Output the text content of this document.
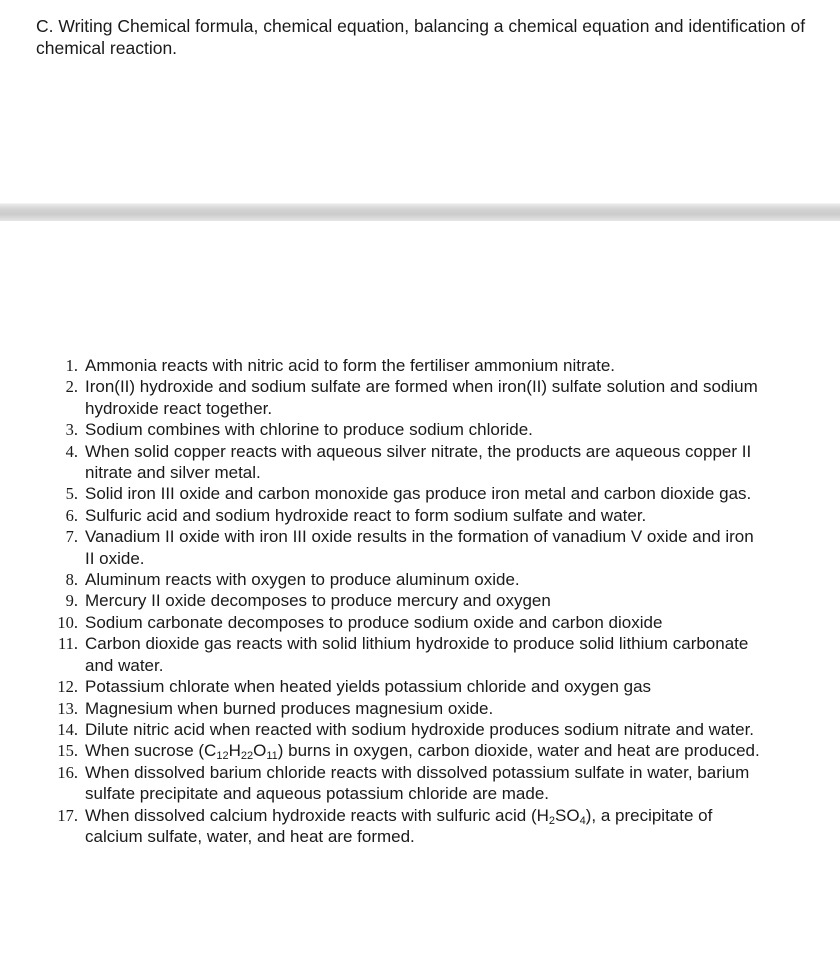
C. Writing Chemical formula, chemical equation, balancing a chemical equation and identification of chemical reaction.

1. Ammonia reacts with nitric acid to form the fertiliser ammonium nitrate.
2. Iron(II) hydroxide and sodium sulfate are formed when iron(II) sulfate solution and sodium hydroxide react together.
3. Sodium combines with chlorine to produce sodium chloride.
4. When solid copper reacts with aqueous silver nitrate, the products are aqueous copper II nitrate and silver metal.
5. Solid iron III oxide and carbon monoxide gas produce iron metal and carbon dioxide gas.
6. Sulfuric acid and sodium hydroxide react to form sodium sulfate and water.
7. Vanadium II oxide with iron III oxide results in the formation of vanadium V oxide and iron II oxide.
8. Aluminum reacts with oxygen to produce aluminum oxide.
9. Mercury II oxide decomposes to produce mercury and oxygen
10. Sodium carbonate decomposes to produce sodium oxide and carbon dioxide
11. Carbon dioxide gas reacts with solid lithium hydroxide to produce solid lithium carbonate and water.
12. Potassium chlorate when heated yields potassium chloride and oxygen gas
13. Magnesium when burned produces magnesium oxide.
14. Dilute nitric acid when reacted with sodium hydroxide produces sodium nitrate and water.
15. When sucrose $(C_{12}H_{22}O_{11})$ burns in oxygen, carbon dioxide, water and heat are produced.
16. When dissolved barium chloride reacts with dissolved potassium sulfate in water, barium sulfate precipitate and aqueous potassium chloride are made.
17. When dissolved calcium hydroxide reacts with sulfuric acid $(H_2SO_4)$, a precipitate of calcium sulfate, water, and heat are formed.
